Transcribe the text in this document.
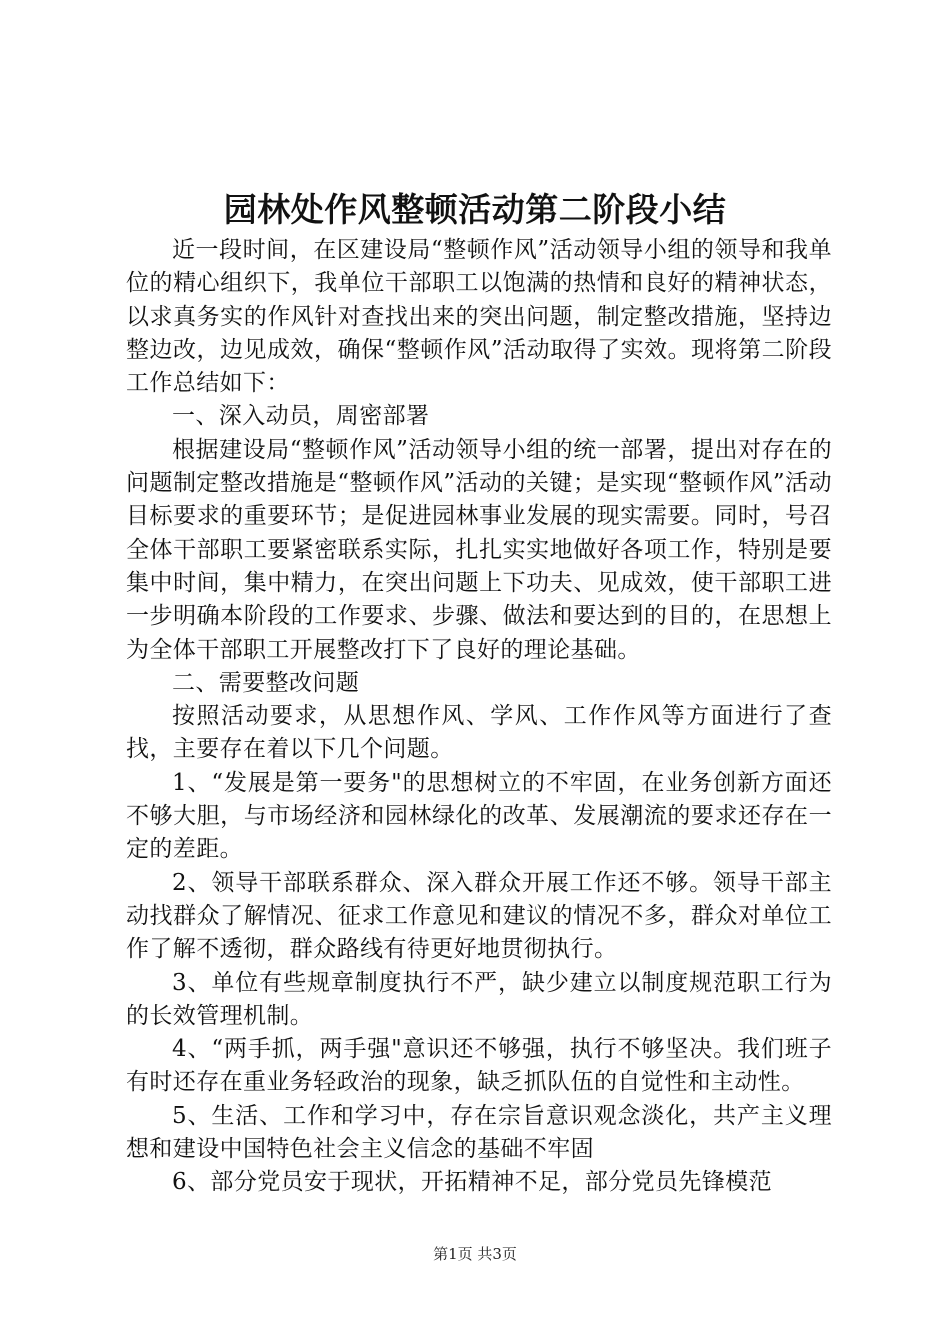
园林处作风整顿活动第二阶段小结

近一段时间，在区建设局“整顿作风”活动领导小组的领导和我单位的精心组织下，我单位干部职工以饱满的热情和良好的精神状态，以求真务实的作风针对查找出来的突出问题，制定整改措施，坚持边整边改，边见成效，确保“整顿作风”活动取得了实效。现将第二阶段工作总结如下：

一、深入动员，周密部署

根据建设局“整顿作风”活动领导小组的统一部署，提出对存在的问题制定整改措施是“整顿作风”活动的关键；是实现“整顿作风”活动目标要求的重要环节；是促进园林事业发展的现实需要。同时，号召全体干部职工要紧密联系实际，扎扎实实地做好各项工作，特别是要集中时间，集中精力，在突出问题上下功夫、见成效，使干部职工进一步明确本阶段的工作要求、步骤、做法和要达到的目的，在思想上为全体干部职工开展整改打下了良好的理论基础。

二、需要整改问题

按照活动要求，从思想作风、学风、工作作风等方面进行了查找，主要存在着以下几个问题。

1、“发展是第一要务"的思想树立的不牢固，在业务创新方面还不够大胆，与市场经济和园林绿化的改革、发展潮流的要求还存在一定的差距。

2、领导干部联系群众、深入群众开展工作还不够。领导干部主动找群众了解情况、征求工作意见和建议的情况不多，群众对单位工作了解不透彻，群众路线有待更好地贯彻执行。

3、单位有些规章制度执行不严，缺少建立以制度规范职工行为的长效管理机制。

4、“两手抓，两手强"意识还不够强，执行不够坚决。我们班子有时还存在重业务轻政治的现象，缺乏抓队伍的自觉性和主动性。

5、生活、工作和学习中，存在宗旨意识观念淡化，共产主义理想和建设中国特色社会主义信念的基础不牢固

6、部分党员安于现状，开拓精神不足，部分党员先锋模范

第1页 共3页
